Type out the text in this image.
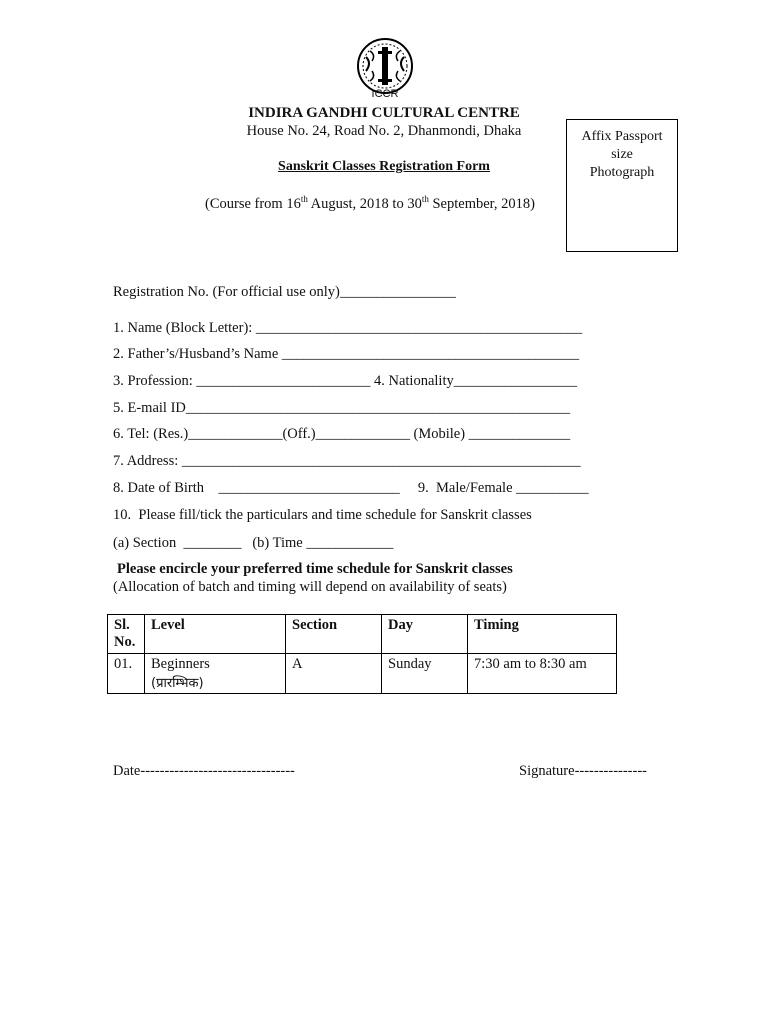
ICCR
INDIRA GANDHI CULTURAL CENTRE
House No. 24, Road No. 2, Dhanmondi, Dhaka
Sanskrit Classes Registration Form
(Course from 16th August, 2018 to 30th September, 2018)
Affix Passport
size
Photograph
Registration No. (For official use only)________________
1. Name (Block Letter): _____________________________________________
2. Father’s/Husband’s Name _________________________________________
3. Profession: ________________________ 4. Nationality_________________
5. E-mail ID_____________________________________________________
6. Tel: (Res.)_____________(Off.)_____________ (Mobile) ______________
7. Address: _______________________________________________________
8. Date of Birth    _________________________     9.  Male/Female __________
10.  Please fill/tick the particulars and time schedule for Sanskrit classes
(a) Section  ________   (b) Time ____________
Please encircle your preferred time schedule for Sanskrit classes
(Allocation of batch and timing will depend on availability of seats)
Sl.
No.	Level	Section	Day	Timing
01.	Beginners
(प्रारम्भिक)	A	Sunday	7:30 am to 8:30 am
Date--------------------------------	Signature---------------
